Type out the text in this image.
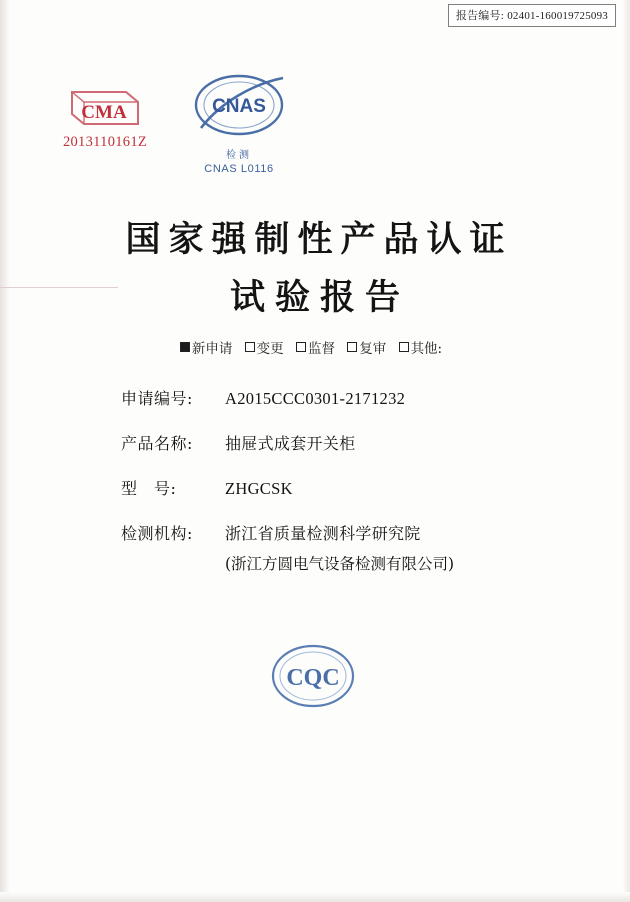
报告编号: 02401-160019725093
CMA
2013110161Z
CNAS
检测
CNAS L0116
国家强制性产品认证
试验报告
新申请 变更 监督 复审 其他:
申请编号:	A2015CCC0301-2171232
产品名称:	抽屉式成套开关柜
型　号:	ZHGCSK
检测机构:	浙江省质量检测科学研究院
(浙江方圆电气设备检测有限公司)
CQC
